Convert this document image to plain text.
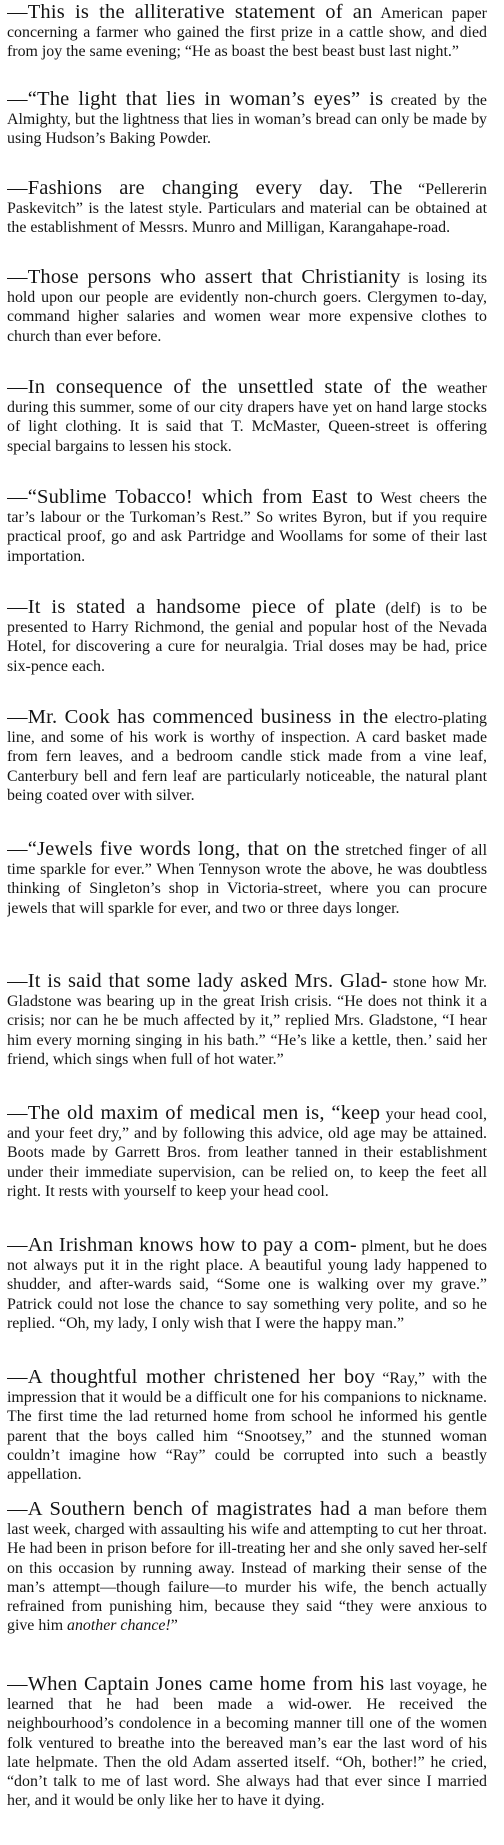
—This is the alliterative statement of an American paper concerning a farmer who gained the first prize in a cattle show, and died from joy the same evening; “He as boast the best beast bust last night.”

—“The light that lies in woman’s eyes” is created by the Almighty, but the lightness that lies in woman’s bread can only be made by using Hudson’s Baking Powder.

—Fashions are changing every day. The “Pellererin Paskevitch” is the latest style. Particulars and material can be obtained at the establishment of Messrs. Munro and Milligan, Karangahape-road.

—Those persons who assert that Christianity is losing its hold upon our people are evidently non-church goers. Clergymen to-day, command higher salaries and women wear more expensive clothes to church than ever before.

—In consequence of the unsettled state of the weather during this summer, some of our city drapers have yet on hand large stocks of light clothing. It is said that T. McMaster, Queen-street is offering special bargains to lessen his stock.

—“Sublime Tobacco! which from East to West cheers the tar’s labour or the Turkoman’s Rest.” So writes Byron, but if you require practical proof, go and ask Partridge and Woollams for some of their last importation.

—It is stated a handsome piece of plate (delf) is to be presented to Harry Richmond, the genial and popular host of the Nevada Hotel, for discovering a cure for neuralgia. Trial doses may be had, price six-pence each.

—Mr. Cook has commenced business in the electro-plating line, and some of his work is worthy of inspection. A card basket made from fern leaves, and a bedroom candle stick made from a vine leaf, Canterbury bell and fern leaf are particularly noticeable, the natural plant being coated over with silver.

—“Jewels five words long, that on the stretched finger of all time sparkle for ever.” When Tennyson wrote the above, he was doubtless thinking of Singleton’s shop in Victoria-street, where you can procure jewels that will sparkle for ever, and two or three days longer.

—It is said that some lady asked Mrs. Glad- stone how Mr. Gladstone was bearing up in the great Irish crisis. “He does not think it a crisis; nor can he be much affected by it,” replied Mrs. Gladstone, “I hear him every morning singing in his bath.” “He’s like a kettle, then.’ said her friend, which sings when full of hot water.”

—The old maxim of medical men is, “keep your head cool, and your feet dry,” and by following this advice, old age may be attained. Boots made by Garrett Bros. from leather tanned in their establishment under their immediate supervision, can be relied on, to keep the feet all right. It rests with yourself to keep your head cool.

—An Irishman knows how to pay a com- plment, but he does not always put it in the right place. A beautiful young lady happened to shudder, and after-wards said, “Some one is walking over my grave.” Patrick could not lose the chance to say something very polite, and so he replied. “Oh, my lady, I only wish that I were the happy man.”

—A thoughtful mother christened her boy “Ray,” with the impression that it would be a difficult one for his companions to nickname. The first time the lad returned home from school he informed his gentle parent that the boys called him “Snootsey,” and the stunned woman couldn’t imagine how “Ray” could be corrupted into such a beastly appellation.

—A Southern bench of magistrates had a man before them last week, charged with assaulting his wife and attempting to cut her throat. He had been in prison before for ill-treating her and she only saved her-self on this occasion by running away. Instead of marking their sense of the man’s attempt—though failure—to murder his wife, the bench actually refrained from punishing him, because they said “they were anxious to give him another chance!”

—When Captain Jones came home from his last voyage, he learned that he had been made a wid-ower. He received the neighbourhood’s condolence in a becoming manner till one of the women folk ventured to breathe into the bereaved man’s ear the last word of his late helpmate. Then the old Adam asserted itself. “Oh, bother!” he cried, “don’t talk to me of last word. She always had that ever since I married her, and it would be only like her to have it dying.
